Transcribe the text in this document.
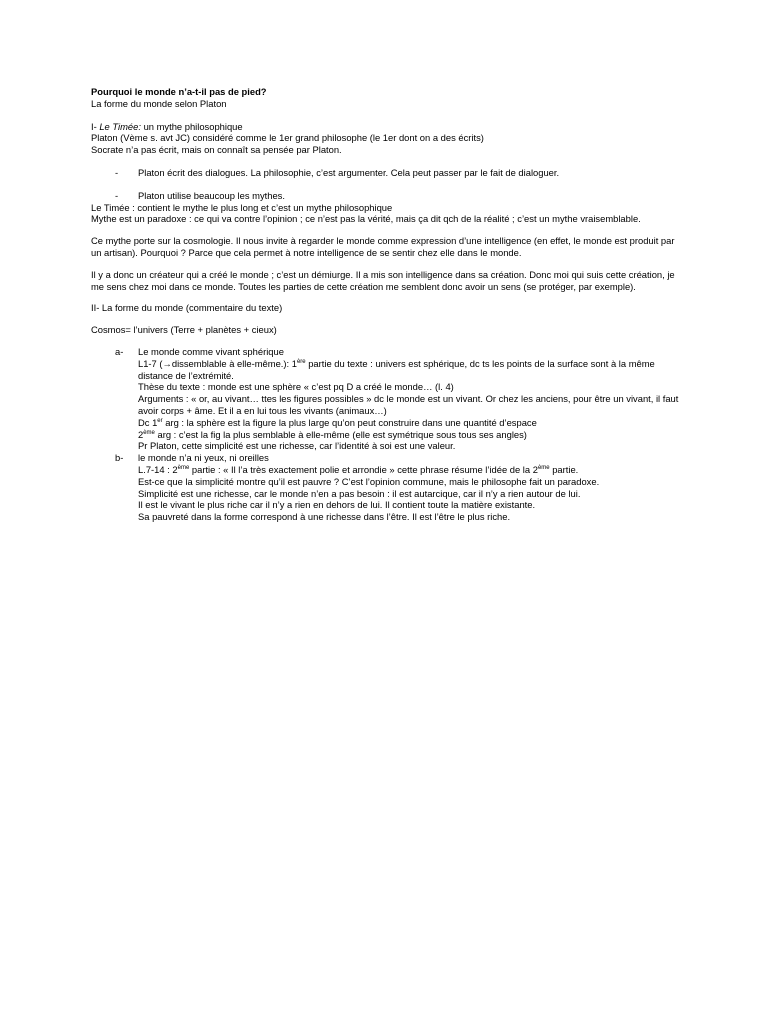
Pourquoi le monde n’a-t-il pas de pied?

La forme du monde selon Platon

I- Le Timée: un mythe philosophique

Platon (Vème s. avt JC) considéré comme le 1er grand philosophe (le 1er dont on a des écrits)

Socrate n’a pas écrit, mais on connaît sa pensée par Platon.

-	Platon écrit des dialogues. La philosophie, c’est argumenter. Cela peut passer par le fait de dialoguer.
-	Platon utilise beaucoup les mythes.

Le Timée : contient le mythe le plus long et c’est un mythe philosophique

Mythe est un paradoxe : ce qui va contre l’opinion ; ce n’est pas la vérité, mais ça dit qch de la réalité ; c’est un mythe vraisemblable.

Ce mythe porte sur la cosmologie. Il nous invite à regarder le monde comme expression d’une intelligence (en effet, le monde est produit par un artisan). Pourquoi ? Parce que cela permet à notre intelligence de se sentir chez elle dans le monde.

Il y a donc un créateur qui a créé le monde ; c’est un démiurge. Il a mis son intelligence dans sa création. Donc moi qui suis cette création, je me sens chez moi dans ce monde. Toutes les parties de cette création me semblent donc avoir un sens (se protéger, par exemple).

II- La forme du monde (commentaire du texte)

Cosmos= l’univers (Terre + planètes + cieux)

a-	Le monde comme vivant sphérique

L1-7 (→dissemblable à elle-même.): 1ère partie du texte : univers est sphérique, dc ts les points de la surface sont à la même distance de l’extrémité.

Thèse du texte : monde est une sphère « c’est pq D a créé le monde… (l. 4)

Arguments : « or, au vivant… ttes les figures possibles » dc le monde est un vivant. Or chez les anciens, pour être un vivant, il faut avoir corps + âme. Et il a en lui tous les vivants (animaux…)

Dc 1er arg : la sphère est la figure la plus large qu’on peut construire dans une quantité d’espace

2ème arg : c’est la fig la plus semblable à elle-même (elle est symétrique sous tous ses angles)

Pr Platon, cette simplicité est une richesse, car l’identité à soi est une valeur.

b-	le monde n’a ni yeux, ni oreilles

L.7-14 : 2ème partie : « Il l’a très exactement polie et arrondie » cette phrase résume l’idée de la 2ème partie.

Est-ce que la simplicité montre qu’il est pauvre ? C’est l’opinion commune, mais le philosophe fait un paradoxe.

Simplicité est une richesse, car le monde n’en a pas besoin : il est autarcique, car il n’y a rien autour de lui.

Il est le vivant le plus riche car il n’y a rien en dehors de lui. Il contient toute la matière existante.

Sa pauvreté dans la forme correspond à une richesse dans l’être. Il est l’être le plus riche.
